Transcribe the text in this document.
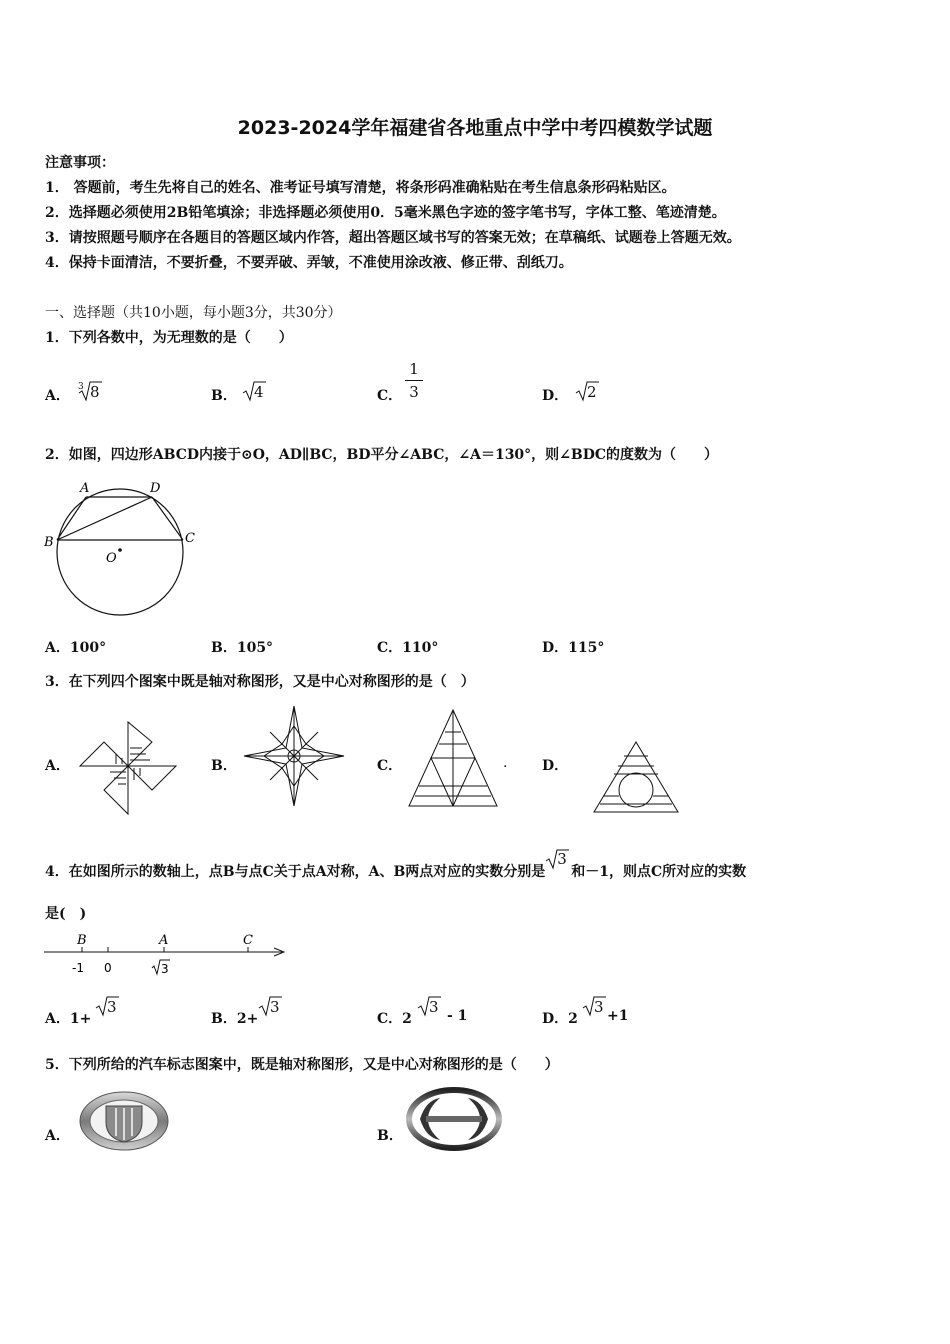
2023-2024学年福建省各地重点中学中考四模数学试题
注意事项：
1． 答题前，考生先将自己的姓名、准考证号填写清楚，将条形码准确粘贴在考生信息条形码粘贴区。
2．选择题必须使用2B铅笔填涂；非选择题必须使用0．5毫米黑色字迹的签字笔书写，字体工整、笔迹清楚。
3．请按照题号顺序在各题目的答题区域内作答，超出答题区域书写的答案无效；在草稿纸、试题卷上答题无效。
4．保持卡面清洁，不要折叠，不要弄破、弄皱，不准使用涂改液、修正带、刮纸刀。
一、选择题（共10小题，每小题3分，共30分）
1．下列各数中，为无理数的是（　　）
A．
3 8	B． 4	C．
1
3	D． 2
2．如图，四边形ABCD内接于⊙O，AD∥BC，BD平分∠ABC，∠A＝130°，则∠BDC的度数为（　　）
A	D
B	C
O
A．100°	B．105°	C．110°	D．115°
3．在下列四个图案中既是轴对称图形，又是中心对称图形的是（　）
A．	B．	C．	. D．
4．在如图所示的数轴上，点B与点C关于点A对称，A、B两点对应的实数分别是
3
和－1，则点C所对应的实数
是(　)
B	A	C
-1 0	3
A．1+
3
B．2+
3
C．2
3 - 1	D．2
3 +1
5．下列所给的汽车标志图案中，既是轴对称图形，又是中心对称图形的是（　　）
A．	B．
